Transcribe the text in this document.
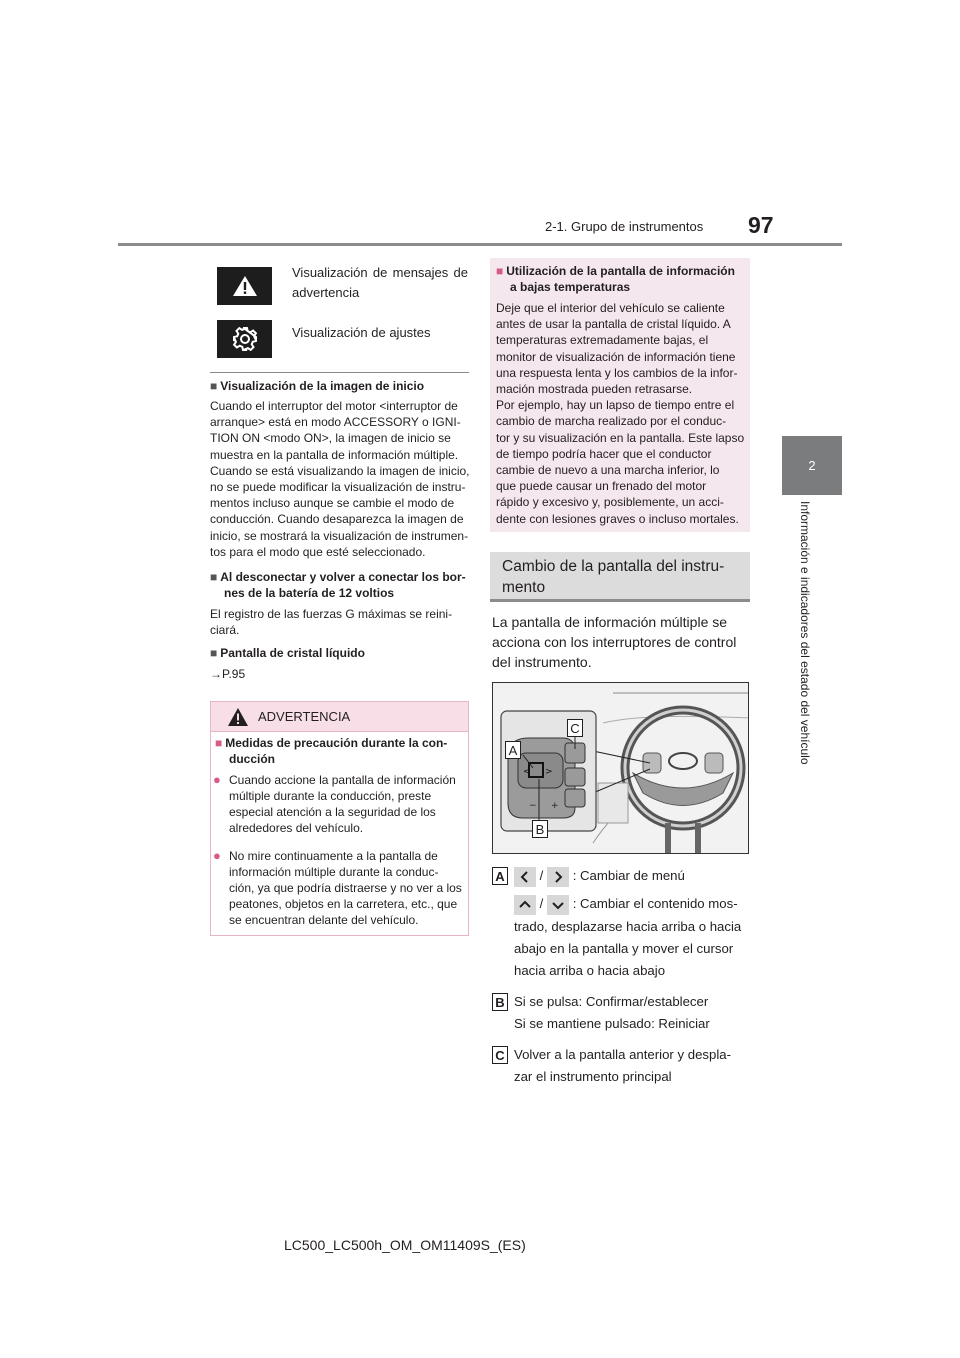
2-1. Grupo de instrumentos 97
2
Información e indicadores del estado del vehículo
Visualización de mensajes de
advertencia
Visualización de ajustes
■ Visualización de la imagen de inicio
Cuando el interruptor del motor <interruptor de
arranque> está en modo ACCESSORY o IGNI-
TION ON <modo ON>, la imagen de inicio se
muestra en la pantalla de información múltiple.
Cuando se está visualizando la imagen de inicio,
no se puede modificar la visualización de instru-
mentos incluso aunque se cambie el modo de
conducción. Cuando desaparezca la imagen de
inicio, se mostrará la visualización de instrumen-
tos para el modo que esté seleccionado.
■ Al desconectar y volver a conectar los bor-
nes de la batería de 12 voltios
El registro de las fuerzas G máximas se reini-
ciará.
■ Pantalla de cristal líquido
→P.95
ADVERTENCIA
■ Medidas de precaución durante la con-
ducción
● Cuando accione la pantalla de información
múltiple durante la conducción, preste
especial atención a la seguridad de los
alrededores del vehículo.
● No mire continuamente a la pantalla de
información múltiple durante la conduc-
ción, ya que podría distraerse y no ver a los
peatones, objetos en la carretera, etc., que
se encuentran delante del vehículo.
■ Utilización de la pantalla de información
a bajas temperaturas
Deje que el interior del vehículo se caliente
antes de usar la pantalla de cristal líquido. A
temperaturas extremadamente bajas, el
monitor de visualización de información tiene
una respuesta lenta y los cambios de la infor-
mación mostrada pueden retrasarse.
Por ejemplo, hay un lapso de tiempo entre el
cambio de marcha realizado por el conduc-
tor y su visualización en la pantalla. Este lapso
de tiempo podría hacer que el conductor
cambie de nuevo a una marcha inferior, lo
que puede causar un frenado del motor
rápido y excesivo y, posiblemente, un acci-
dente con lesiones graves o incluso mortales.
Cambio de la pantalla del instru-
mento
La pantalla de información múltiple se
acciona con los interruptores de control
del instrumento.
< >
− +
A
B
C
A	/ : Cambiar de menú
/ : Cambiar el contenido mos-
trado, desplazarse hacia arriba o hacia
abajo en la pantalla y mover el cursor
hacia arriba o hacia abajo
B Si se pulsa: Confirmar/establecer
Si se mantiene pulsado: Reiniciar
C Volver a la pantalla anterior y despla-
zar el instrumento principal
LC500_LC500h_OM_OM11409S_(ES)
